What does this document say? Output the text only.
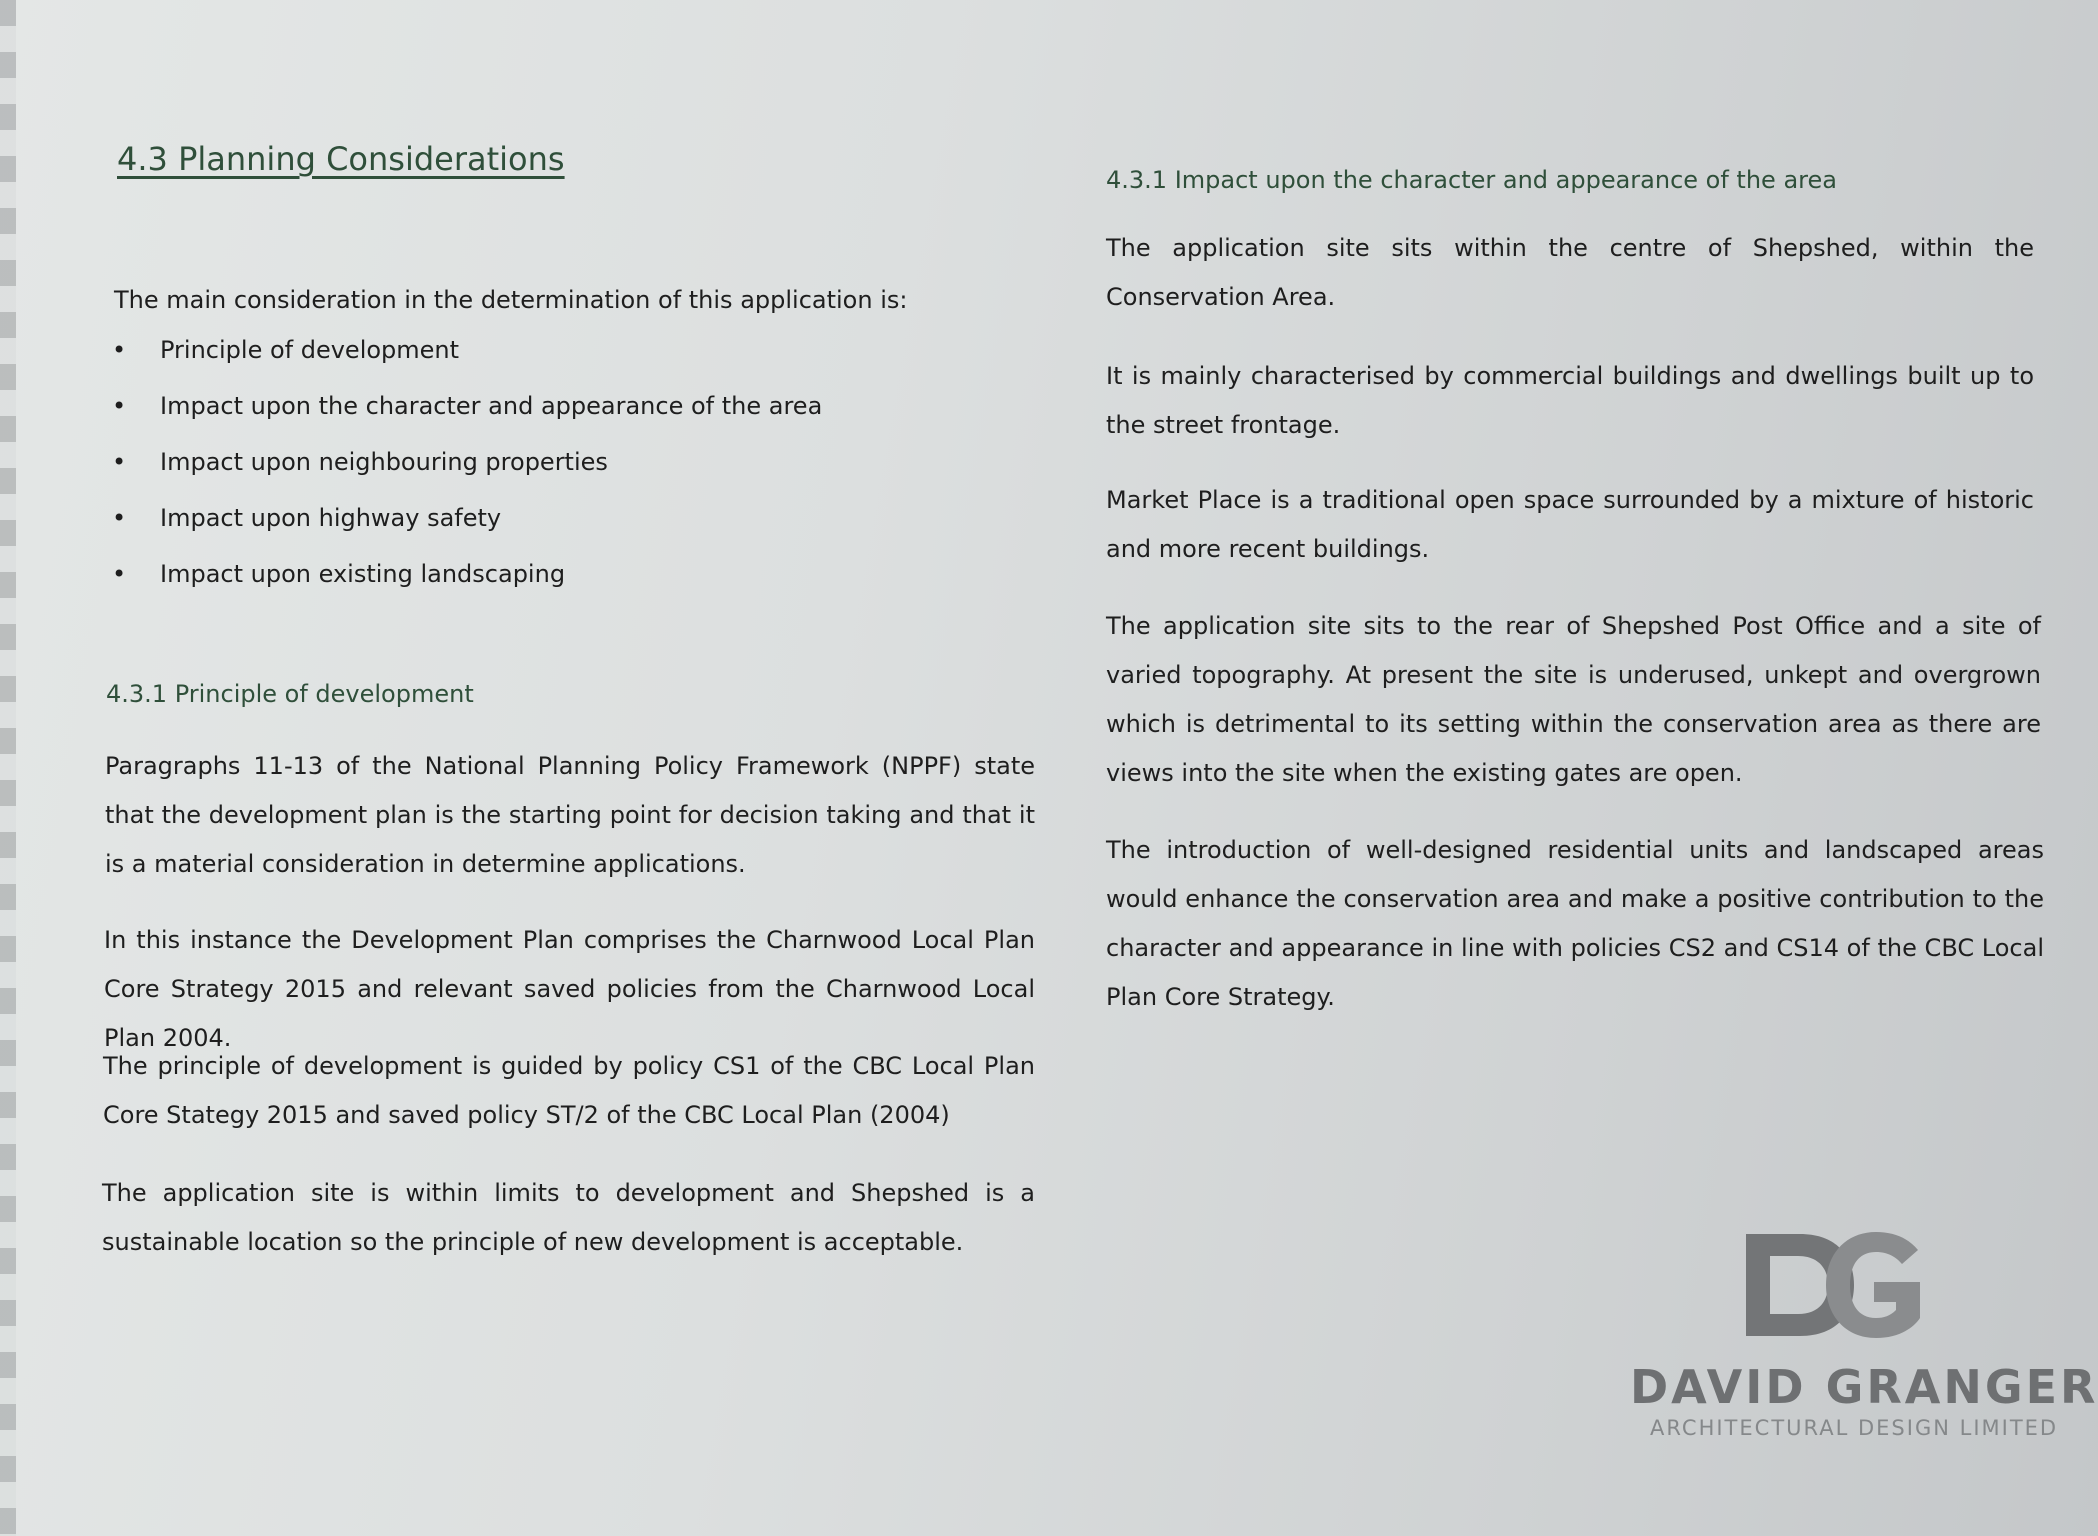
4.3 Planning Considerations

The main consideration in the determination of this application is:

• Principle of development
• Impact upon the character and appearance of the area
• Impact upon neighbouring properties
• Impact upon highway safety
• Impact upon existing landscaping
4.3.1 Principle of development

Paragraphs 11-13 of the National Planning Policy Framework (NPPF) state that the development plan is the starting point for decision taking and that it is a material consideration in determine applications.

In this instance the Development Plan comprises the Charnwood Local Plan Core Strategy 2015 and relevant saved policies from the Charnwood Local Plan 2004.

The principle of development is guided by policy CS1 of the CBC Local Plan Core Stategy 2015 and saved policy ST/2 of the CBC Local Plan (2004)

The application site is within limits to development and Shepshed is a sustainable location so the principle of new development is acceptable.

4.3.1 Impact upon the character and appearance of the area

The application site sits within the centre of Shepshed, within the Conservation Area.

It is mainly characterised by commercial buildings and dwellings built up to the street frontage.

Market Place is a traditional open space surrounded by a mixture of historic and more recent buildings.

The application site sits to the rear of Shepshed Post Office and a site of varied topography. At present the site is underused, unkept and overgrown which is detrimental to its setting within the conservation area as there are views into the site when the existing gates are open.

The introduction of well-designed residential units and landscaped areas would enhance the conservation area and make a positive contribution to the character and appearance in line with policies CS2 and CS14 of the CBC Local Plan Core Strategy.

DAVID GRANGER

ARCHITECTURAL DESIGN LIMITED
